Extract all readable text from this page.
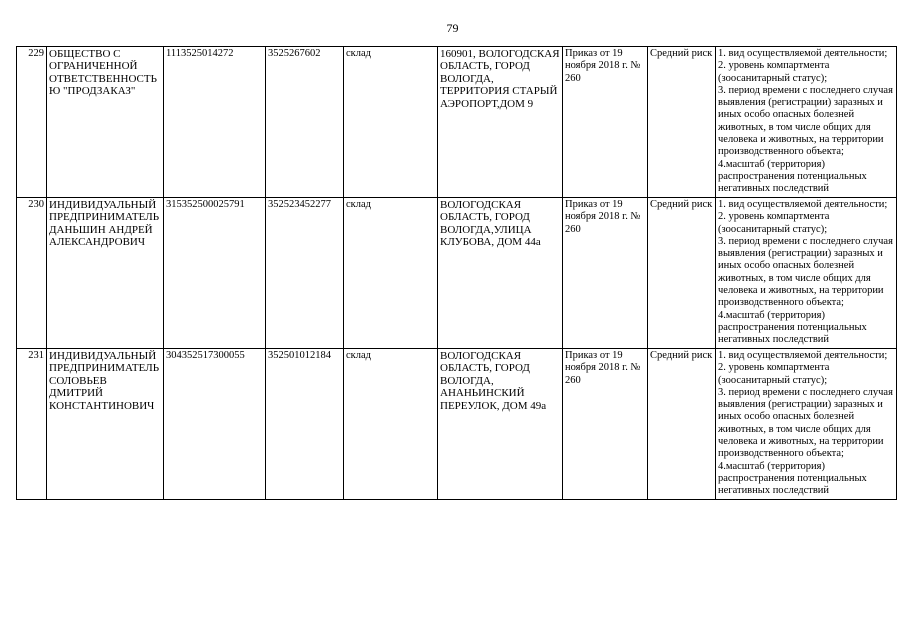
79
229	ОБЩЕСТВО С ОГРАНИЧЕННОЙ ОТВЕТСТВЕННОСТЬ Ю "ПРОДЗАКАЗ"	1113525014272	3525267602	склад	160901, ВОЛОГОДСКАЯ ОБЛАСТЬ, ГОРОД ВОЛОГДА, ТЕРРИТОРИЯ СТАРЫЙ АЭРОПОРТ,ДОМ 9	Приказ от 19 ноября 2018 г. № 260	Средний риск	1. вид осуществляемой деятельности;
2. уровень компартмента (зоосанитарный статус);
3. период времени с последнего случая выявления (регистрации) заразных и иных особо опасных болезней животных, в том числе общих для человека и животных, на территории производственного объекта;
4.масштаб (территория) распространения потенциальных негативных последствий

230	ИНДИВИДУАЛЬНЫЙ ПРЕДПРИНИМАТЕЛЬ ДАНЬШИН АНДРЕЙ АЛЕКСАНДРОВИЧ	315352500025791	352523452277	склад	ВОЛОГОДСКАЯ ОБЛАСТЬ, ГОРОД ВОЛОГДА,УЛИЦА КЛУБОВА, ДОМ 44а	Приказ от 19 ноября 2018 г. № 260	Средний риск	1. вид осуществляемой деятельности;
2. уровень компартмента (зоосанитарный статус);
3. период времени с последнего случая выявления (регистрации) заразных и иных особо опасных болезней животных, в том числе общих для человека и животных, на территории производственного объекта;
4.масштаб (территория) распространения потенциальных негативных последствий

231	ИНДИВИДУАЛЬНЫЙ ПРЕДПРИНИМАТЕЛЬ СОЛОВЬЕВ ДМИТРИЙ КОНСТАНТИНОВИЧ	304352517300055	352501012184	склад	ВОЛОГОДСКАЯ ОБЛАСТЬ, ГОРОД ВОЛОГДА, АНАНЬИНСКИЙ ПЕРЕУЛОК, ДОМ 49а	Приказ от 19 ноября 2018 г. № 260	Средний риск	1. вид осуществляемой деятельности;
2. уровень компартмента (зоосанитарный статус);
3. период времени с последнего случая выявления (регистрации) заразных и иных особо опасных болезней животных, в том числе общих для человека и животных, на территории производственного объекта;
4.масштаб (территория) распространения потенциальных негативных последствий
